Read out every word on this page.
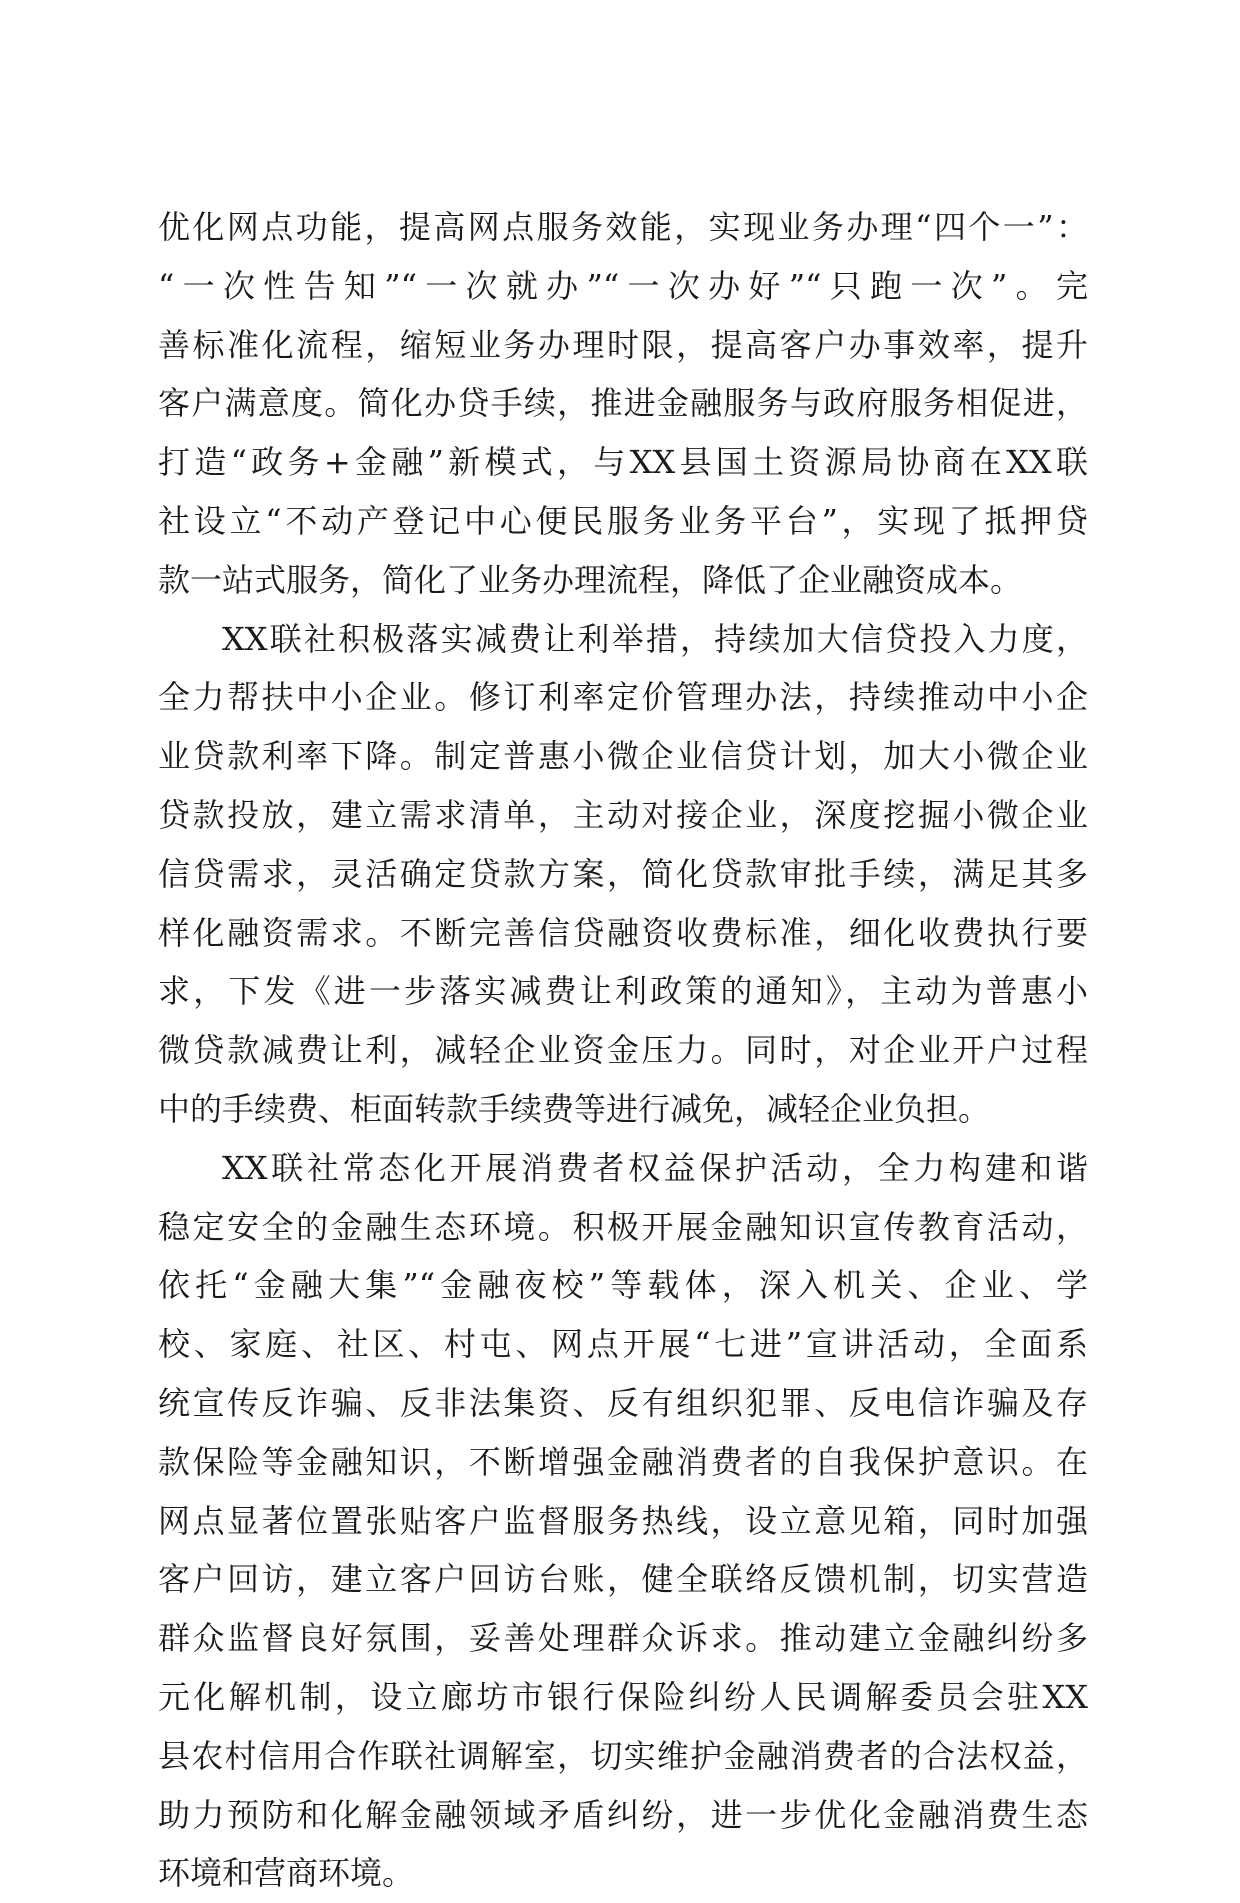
优化网点功能，提高网点服务效能，实现业务办理“四个一”：
“一次性告知”“一次就办”“一次办好”“只跑一次”。完
善标准化流程，缩短业务办理时限，提高客户办事效率，提升
客户满意度。简化办贷手续，推进金融服务与政府服务相促进，
打造“政务+金融”新模式，与XX县国土资源局协商在XX联
社设立“不动产登记中心便民服务业务平台”，实现了抵押贷
款一站式服务，简化了业务办理流程，降低了企业融资成本。
XX联社积极落实减费让利举措，持续加大信贷投入力度，
全力帮扶中小企业。修订利率定价管理办法，持续推动中小企
业贷款利率下降。制定普惠小微企业信贷计划，加大小微企业
贷款投放，建立需求清单，主动对接企业，深度挖掘小微企业
信贷需求，灵活确定贷款方案，简化贷款审批手续，满足其多
样化融资需求。不断完善信贷融资收费标准，细化收费执行要
求，下发《进一步落实减费让利政策的通知》，主动为普惠小
微贷款减费让利，减轻企业资金压力。同时，对企业开户过程
中的手续费、柜面转款手续费等进行减免，减轻企业负担。
XX联社常态化开展消费者权益保护活动，全力构建和谐
稳定安全的金融生态环境。积极开展金融知识宣传教育活动，
依托“金融大集”“金融夜校”等载体，深入机关、企业、学
校、家庭、社区、村屯、网点开展“七进”宣讲活动，全面系
统宣传反诈骗、反非法集资、反有组织犯罪、反电信诈骗及存
款保险等金融知识，不断增强金融消费者的自我保护意识。在
网点显著位置张贴客户监督服务热线，设立意见箱，同时加强
客户回访，建立客户回访台账，健全联络反馈机制，切实营造
群众监督良好氛围，妥善处理群众诉求。推动建立金融纠纷多
元化解机制，设立廊坊市银行保险纠纷人民调解委员会驻XX
县农村信用合作联社调解室，切实维护金融消费者的合法权益，
助力预防和化解金融领域矛盾纠纷，进一步优化金融消费生态
环境和营商环境。
